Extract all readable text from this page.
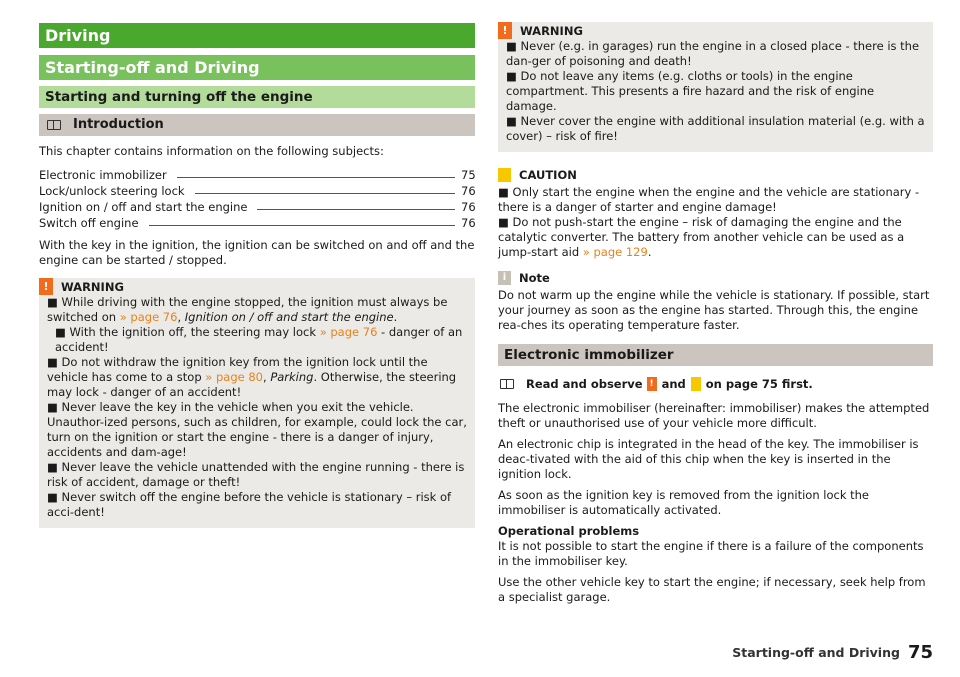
Driving
Starting-off and Driving
Starting and turning off the engine
Introduction

This chapter contains information on the following subjects:

Electronic immobilizer	75
Lock/unlock steering lock	76
Ignition on / off and start the engine	76
Switch off engine	76

With the key in the ignition, the ignition can be switched on and off and the engine can be started / stopped.

!	WARNING
■ While driving with the engine stopped, the ignition must always be switched on » page 76, Ignition on / off and start the engine.
■ With the ignition off, the steering may lock » page 76 - danger of an accident!
■ Do not withdraw the ignition key from the ignition lock until the vehicle has come to a stop » page 80, Parking. Otherwise, the steering may lock - danger of an accident!
■ Never leave the key in the vehicle when you exit the vehicle. Unauthor-ized persons, such as children, for example, could lock the car, turn on the ignition or start the engine - there is a danger of injury, accidents and dam-age!
■ Never leave the vehicle unattended with the engine running - there is risk of accident, damage or theft!
■ Never switch off the engine before the vehicle is stationary – risk of acci-dent!
!	WARNING
■ Never (e.g. in garages) run the engine in a closed place - there is the dan-ger of poisoning and death!
■ Do not leave any items (e.g. cloths or tools) in the engine compartment. This presents a fire hazard and the risk of engine damage.
■ Never cover the engine with additional insulation material (e.g. with a cover) – risk of fire!
CAUTION

■ Only start the engine when the engine and the vehicle are stationary - there is a danger of starter and engine damage!

■ Do not push-start the engine – risk of damaging the engine and the catalytic converter. The battery from another vehicle can be used as a jump-start aid » page 129.

i	Note

Do not warm up the engine while the vehicle is stationary. If possible, start your journey as soon as the engine has started. Through this, the engine rea-ches its operating temperature faster.

Electronic immobilizer
Read and observe ! and on page 75 first.

The electronic immobiliser (hereinafter: immobiliser) makes the attempted theft or unauthorised use of your vehicle more difficult.

An electronic chip is integrated in the head of the key. The immobiliser is deac-tivated with the aid of this chip when the key is inserted in the ignition lock.

As soon as the ignition key is removed from the ignition lock the immobiliser is automatically activated.

Operational problems

It is not possible to start the engine if there is a failure of the components in the immobiliser key.

Use the other vehicle key to start the engine; if necessary, seek help from a specialist garage.

Starting-off and Driving 75
